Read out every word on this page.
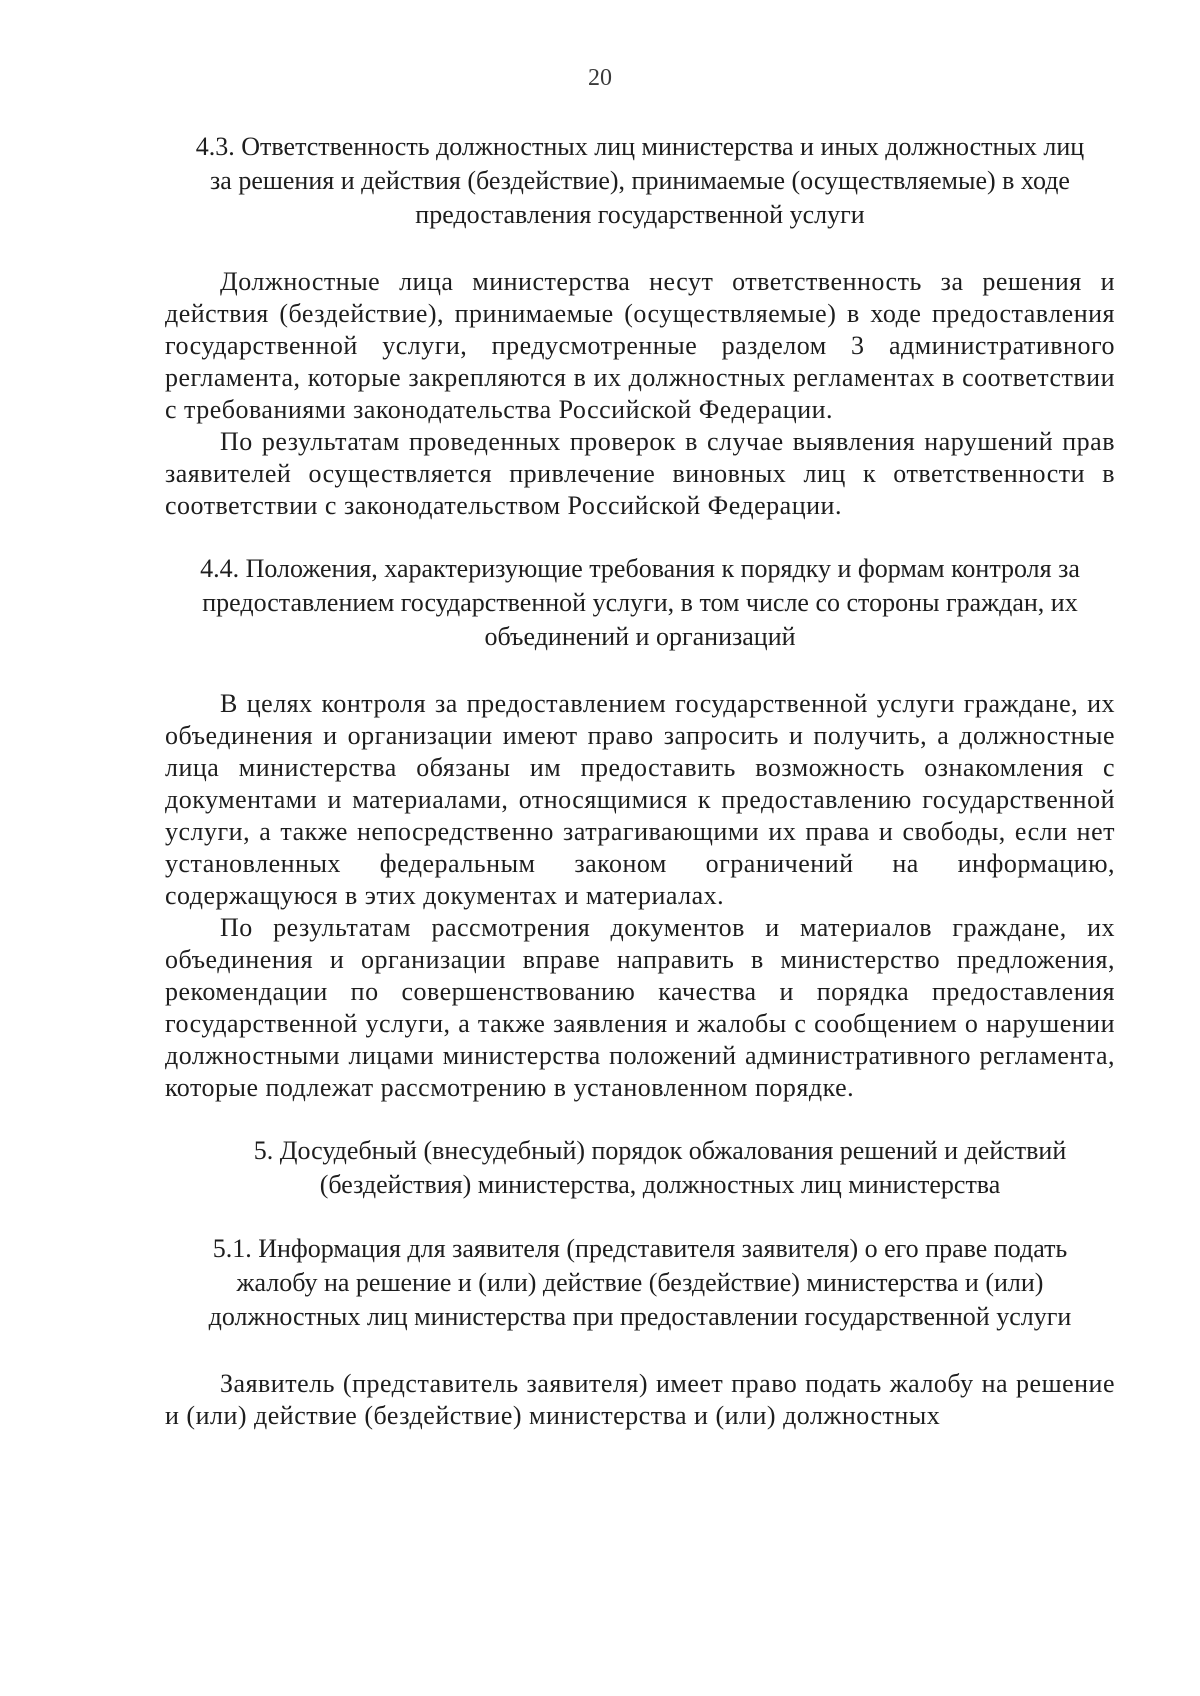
20
4.3. Ответственность должностных лиц министерства и иных должностных лиц за решения и действия (бездействие), принимаемые (осуществляемые) в ходе предоставления государственной услуги

Должностные лица министерства несут ответственность за решения и действия (бездействие), принимаемые (осуществляемые) в ходе предоставления государственной услуги, предусмотренные разделом 3 административного регламента, которые закрепляются в их должностных регламентах в соответствии с требованиями законодательства Российской Федерации.

По результатам проведенных проверок в случае выявления нарушений прав заявителей осуществляется привлечение виновных лиц к ответственности в соответствии с законодательством Российской Федерации.

4.4. Положения, характеризующие требования к порядку и формам контроля за предоставлением государственной услуги, в том числе со стороны граждан, их объединений и организаций

В целях контроля за предоставлением государственной услуги граждане, их объединения и организации имеют право запросить и получить, а должностные лица министерства обязаны им предоставить возможность ознакомления с документами и материалами, относящимися к предоставлению государственной услуги, а также непосредственно затрагивающими их права и свободы, если нет установленных федеральным законом ограничений на информацию, содержащуюся в этих документах и материалах.

По результатам рассмотрения документов и материалов граждане, их объединения и организации вправе направить в министерство предложения, рекомендации по совершенствованию качества и порядка предоставления государственной услуги, а также заявления и жалобы с сообщением о нарушении должностными лицами министерства положений административного регламента, которые подлежат рассмотрению в установленном порядке.

5. Досудебный (внесудебный) порядок обжалования решений и действий (бездействия) министерства, должностных лиц министерства
5.1. Информация для заявителя (представителя заявителя) о его праве подать жалобу на решение и (или) действие (бездействие) министерства и (или) должностных лиц министерства при предоставлении государственной услуги

Заявитель (представитель заявителя) имеет право подать жалобу на решение и (или) действие (бездействие) министерства и (или) должностных
